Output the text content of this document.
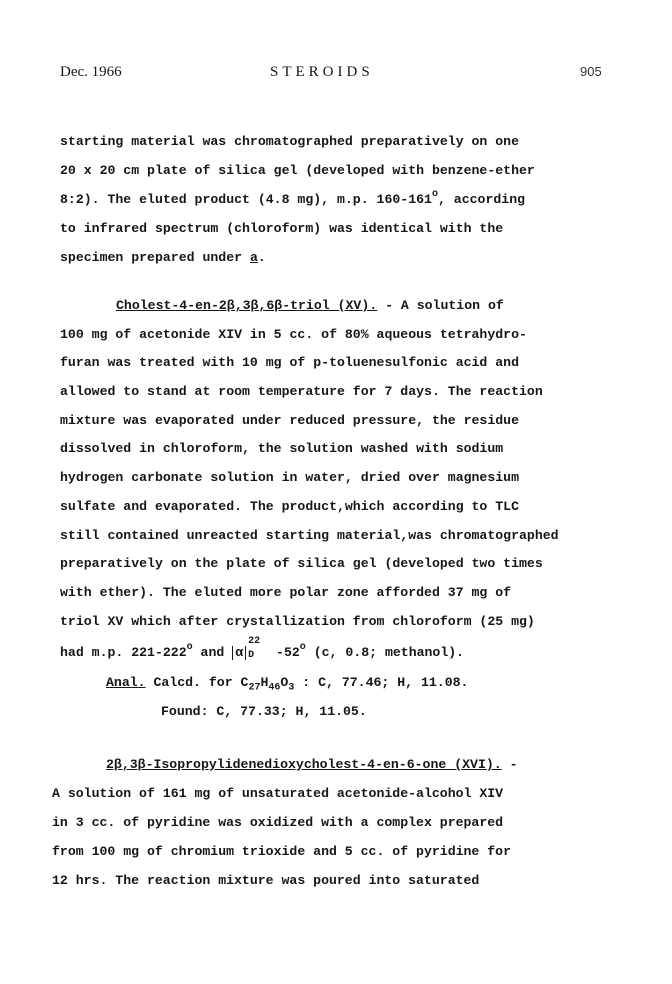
Dec. 1966	STEROIDS	905
starting material was chromatographed preparatively on one
20 x 20 cm plate of silica gel (developed with benzene-ether
8:2). The eluted product (4.8 mg), m.p. 160-161$^o$, according
to infrared spectrum (chloroform) was identical with the
specimen prepared under a.
Cholest-4-en-2β,3β,6β-triol (XV). - A solution of
100 mg of acetonide XIV in 5 cc. of 80% aqueous tetrahydro-
furan was treated with 10 mg of p-toluenesulfonic acid and
allowed to stand at room temperature for 7 days. The reaction
mixture was evaporated under reduced pressure, the residue
dissolved in chloroform, the solution washed with sodium
hydrogen carbonate solution in water, dried over magnesium
sulfate and evaporated. The product,which according to TLC
still contained unreacted starting material,was chromatographed
preparatively on the plate of silica gel (developed two times
with ether). The eluted more polar zone afforded 37 mg of
triol XV which after crystallization from chloroform (25 mg)
had m.p. 221-222$^o$ and α
22
D -52$^o$ (c, 0.8; methanol).
Anal. Calcd. for $C_{27}H_{46}O_3$ : C, 77.46; H, 11.08.
Found: C, 77.33; H, 11.05.
2β,3β-Isopropylidenedioxycholest-4-en-6-one (XVI). -
A solution of 161 mg of unsaturated acetonide-alcohol XIV
in 3 cc. of pyridine was oxidized with a complex prepared
from 100 mg of chromium trioxide and 5 cc. of pyridine for
12 hrs. The reaction mixture was poured into saturated
